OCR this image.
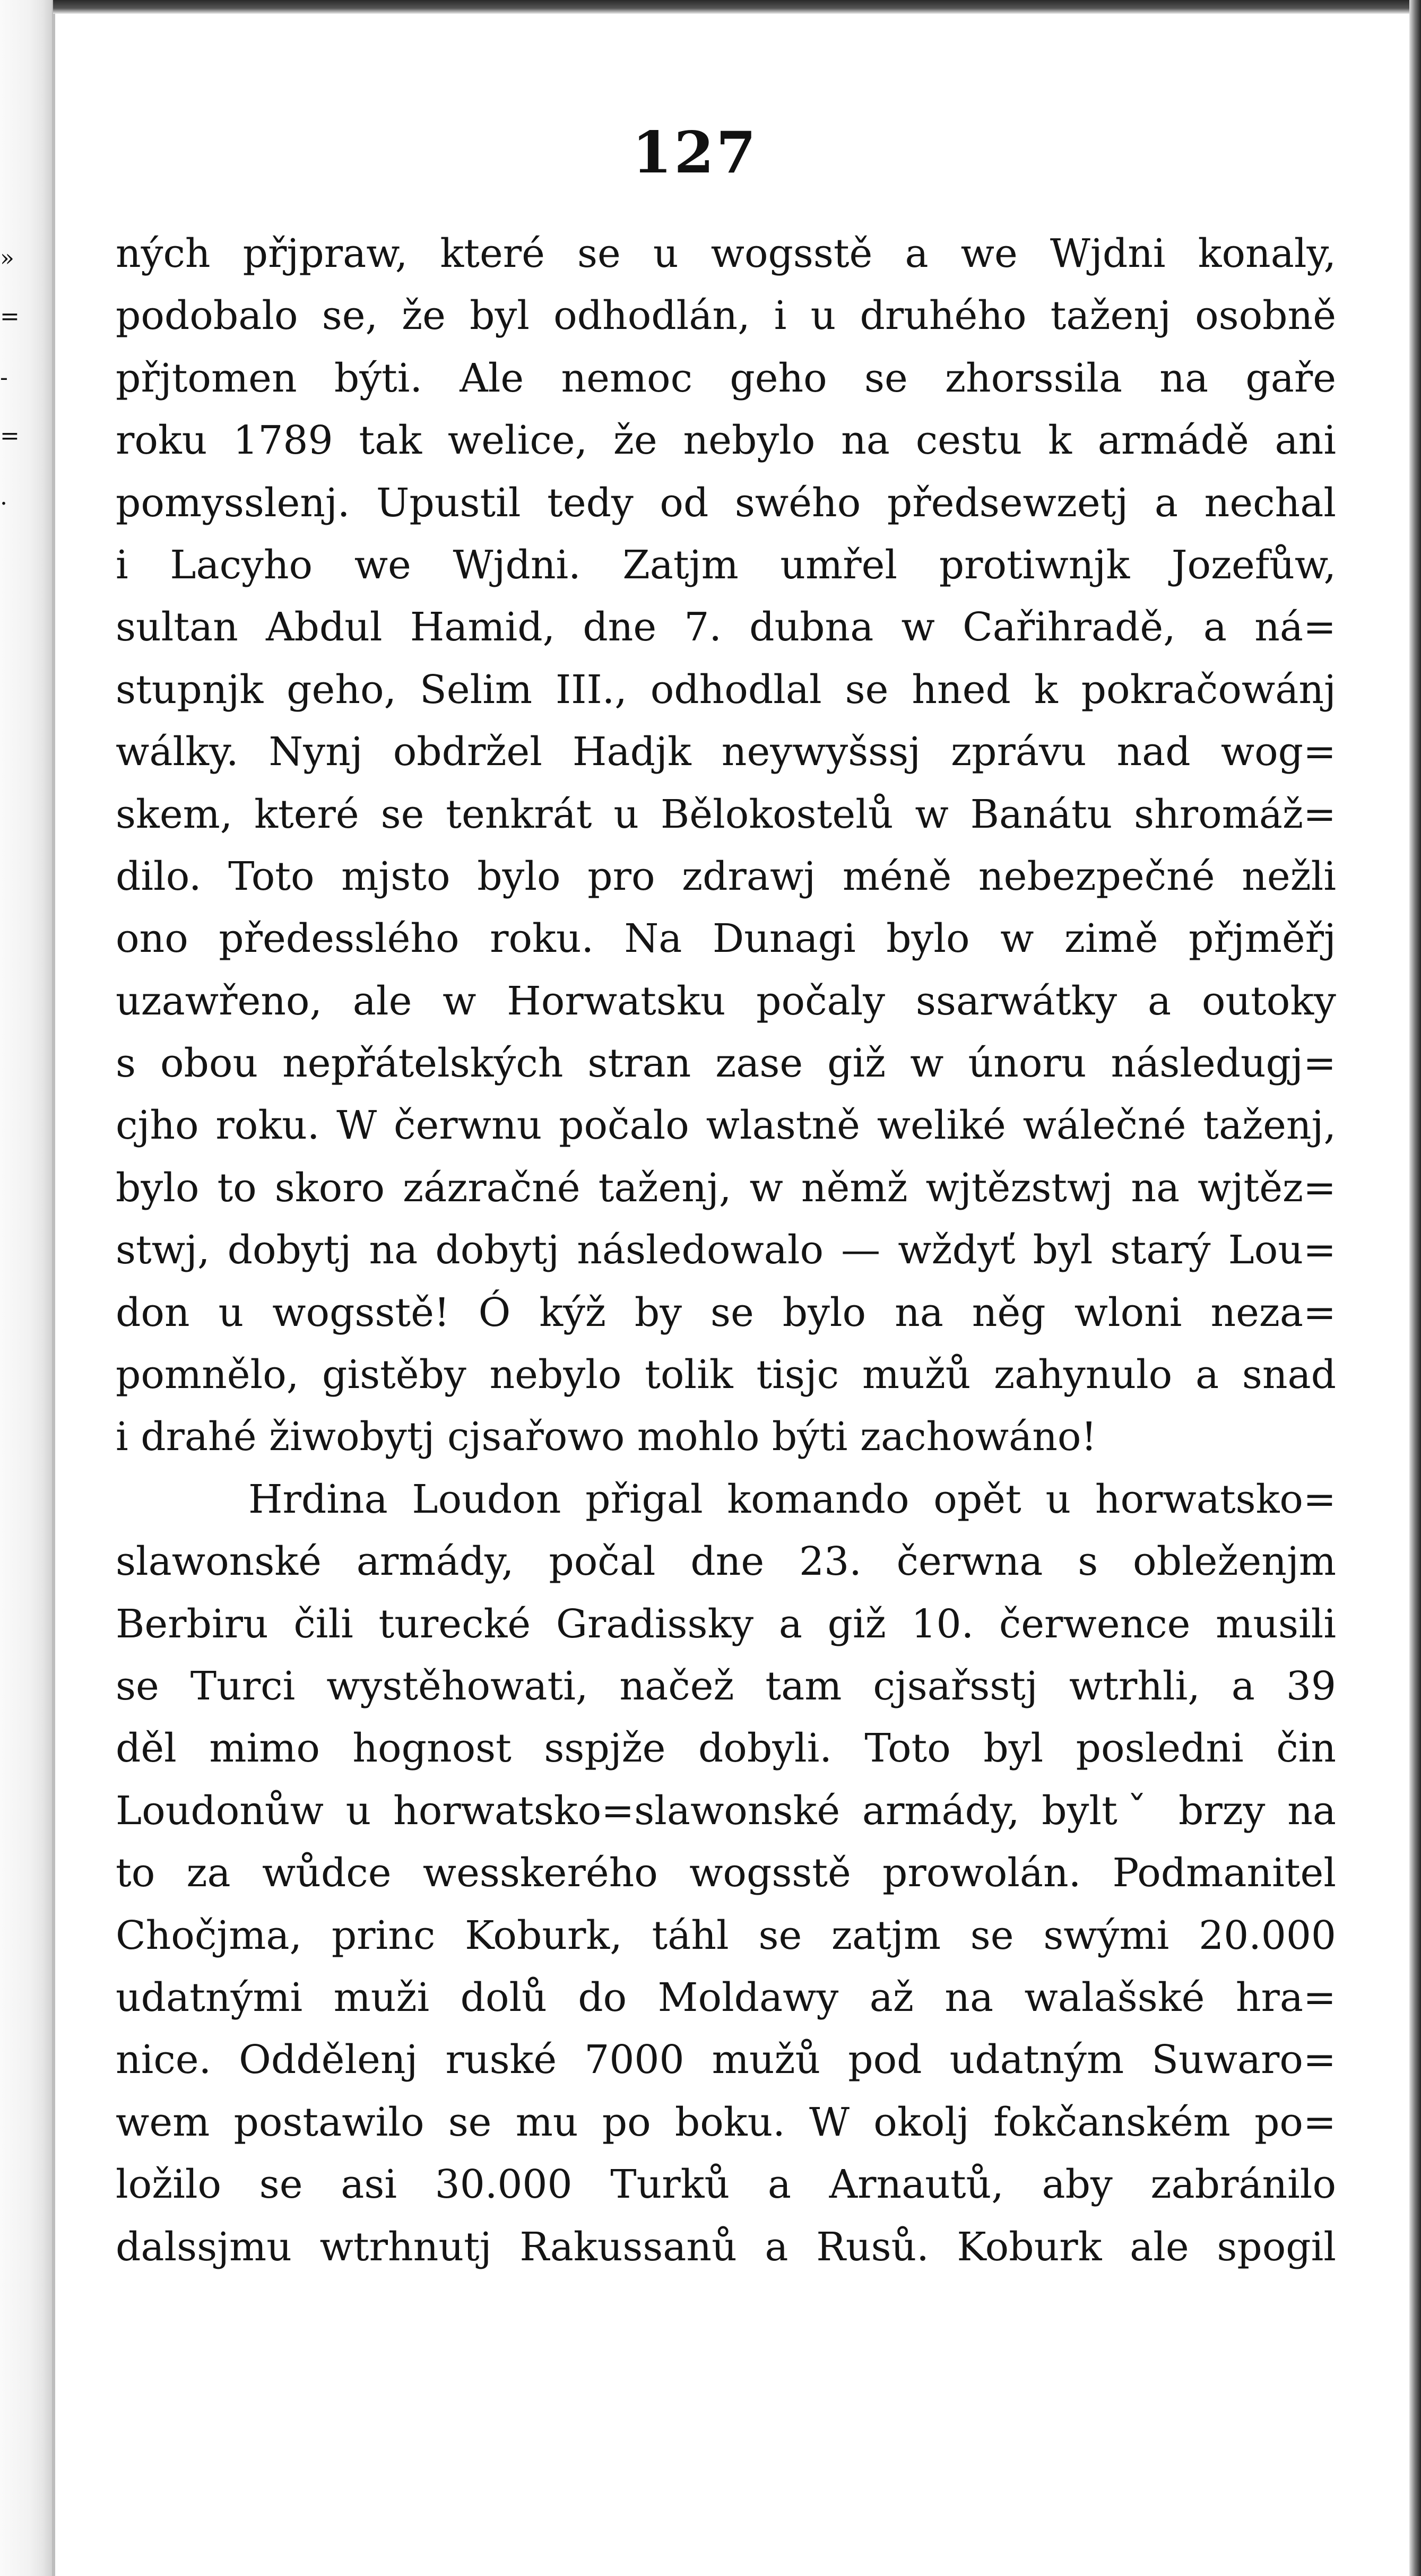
»
=
-
=
.
127
ných přjpraw, které se u wogsstě a we Wjdni konaly,
podobalo se, že byl odhodlán, i u druhého taženj osobně
přjtomen býti. Ale nemoc geho se zhorssila na gaře
roku 1789 tak welice, že nebylo na cestu k armádě ani
pomysslenj. Upustil tedy od swého předsewzetj a nechal
i Lacyho we Wjdni. Zatjm umřel protiwnjk Jozefůw,
sultan Abdul Hamid, dne 7. dubna w Cařihradě, a ná=
stupnjk geho, Selim III., odhodlal se hned k pokračowánj
wálky. Nynj obdržel Hadjk neywyšssj zprávu nad wog=
skem, které se tenkrát u Bělokostelů w Banátu shromáž=
dilo. Toto mjsto bylo pro zdrawj méně nebezpečné nežli
ono předesslého roku. Na Dunagi bylo w zimě přjměřj
uzawřeno, ale w Horwatsku počaly ssarwátky a outoky
s obou nepřátelských stran zase giž w únoru následugj=
cjho roku. W čerwnu počalo wlastně weliké wálečné taženj,
bylo to skoro zázračné taženj, w němž wjtězstwj na wjtěz=
stwj, dobytj na dobytj následowalo — wždyť byl starý Lou=
don u wogsstě! Ó kýž by se bylo na něg wloni neza=
pomnělo, gistěby nebylo tolik tisjc mužů zahynulo a snad
i drahé žiwobytj cjsařowo mohlo býti zachowáno!
Hrdina Loudon přigal komando opět u horwatsko=
slawonské armády, počal dne 23. čerwna s obleženjm
Berbiru čili turecké Gradissky a giž 10. čerwence musili
se Turci wystěhowati, načež tam cjsařsstj wtrhli, a 39
děl mimo hognost sspjže dobyli. Toto byl posledni čin
Loudonůw u horwatsko=slawonské armády, byltˇ brzy na
to za wůdce wesskerého wogsstě prowolán. Podmanitel
Chočjma, princ Koburk, táhl se zatjm se swými 20.000
udatnými muži dolů do Moldawy až na walašské hra=
nice. Oddělenj ruské 7000 mužů pod udatným Suwaro=
wem postawilo se mu po boku. W okolj fokčanském po=
ložilo se asi 30.000 Turků a Arnautů, aby zabránilo
dalssjmu wtrhnutj Rakussanů a Rusů. Koburk ale spogil
